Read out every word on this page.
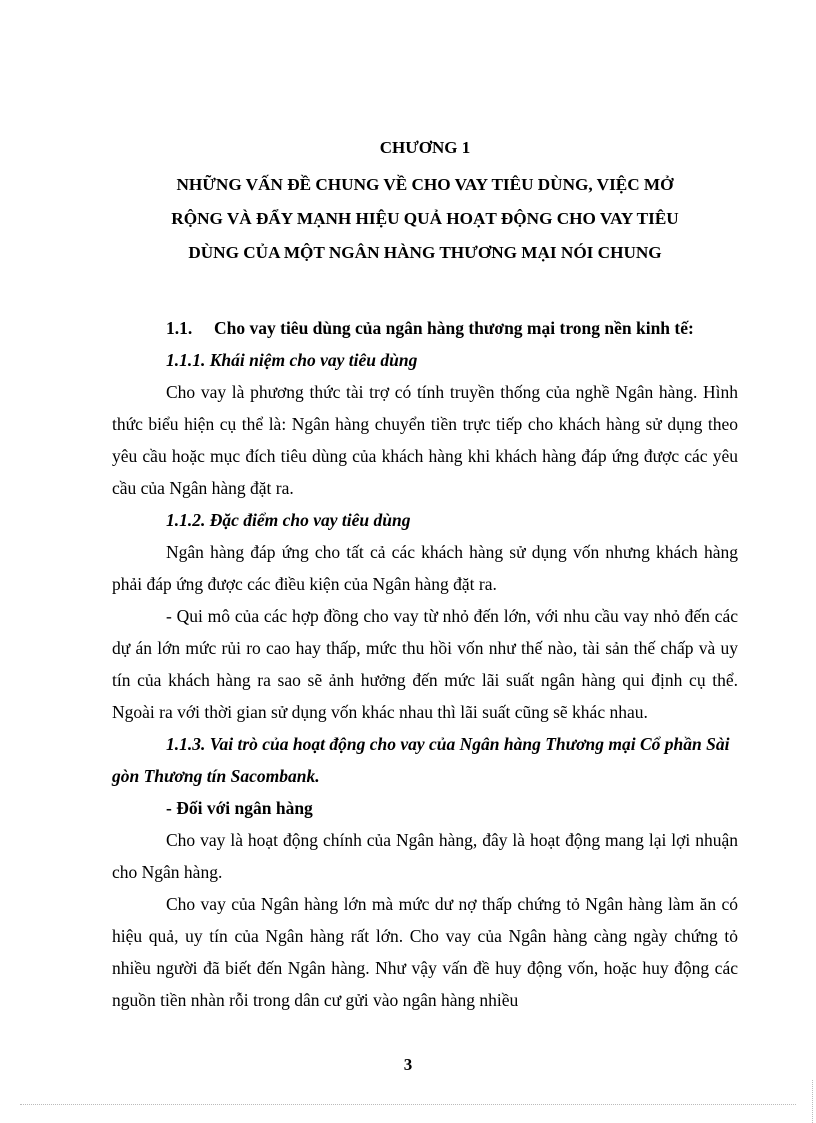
CHƯƠNG 1
NHỮNG VẤN ĐỀ CHUNG VỀ CHO VAY TIÊU DÙNG, VIỆC MỞ
RỘNG VÀ ĐẨY MẠNH HIỆU QUẢ HOẠT ĐỘNG CHO VAY TIÊU
DÙNG CỦA MỘT NGÂN HÀNG THƯƠNG MẠI NÓI CHUNG
1.1. Cho vay tiêu dùng của ngân hàng thương mại trong nền kinh tế:
1.1.1. Khái niệm cho vay tiêu dùng

Cho vay là phương thức tài trợ có tính truyền thống của nghề Ngân hàng. Hình thức biểu hiện cụ thể là: Ngân hàng chuyển tiền trực tiếp cho khách hàng sử dụng theo yêu cầu hoặc mục đích tiêu dùng của khách hàng khi khách hàng đáp ứng được các yêu cầu của Ngân hàng đặt ra.

1.1.2. Đặc điểm cho vay tiêu dùng

Ngân hàng đáp ứng cho tất cả các khách hàng sử dụng vốn nhưng khách hàng phải đáp ứng được các điều kiện của Ngân hàng đặt ra.

- Qui mô của các hợp đồng cho vay từ nhỏ đến lớn, với nhu cầu vay nhỏ đến các dự án lớn mức rủi ro cao hay thấp, mức thu hồi vốn như thế nào, tài sản thế chấp và uy tín của khách hàng ra sao sẽ ảnh hưởng đến mức lãi suất ngân hàng qui định cụ thể. Ngoài ra với thời gian sử dụng vốn khác nhau thì lãi suất cũng sẽ khác nhau.

1.1.3. Vai trò của hoạt động cho vay của Ngân hàng Thương mại Cổ phần Sài gòn Thương tín Sacombank.
- Đối với ngân hàng

Cho vay là hoạt động chính của Ngân hàng, đây là hoạt động mang lại lợi nhuận cho Ngân hàng.

Cho vay của Ngân hàng lớn mà mức dư nợ thấp chứng tỏ Ngân hàng làm ăn có hiệu quả, uy tín của Ngân hàng rất lớn. Cho vay của Ngân hàng càng ngày chứng tỏ nhiều người đã biết đến Ngân hàng. Như vậy vấn đề huy động vốn, hoặc huy động các nguồn tiền nhàn rỗi trong dân cư gửi vào ngân hàng nhiều

3
